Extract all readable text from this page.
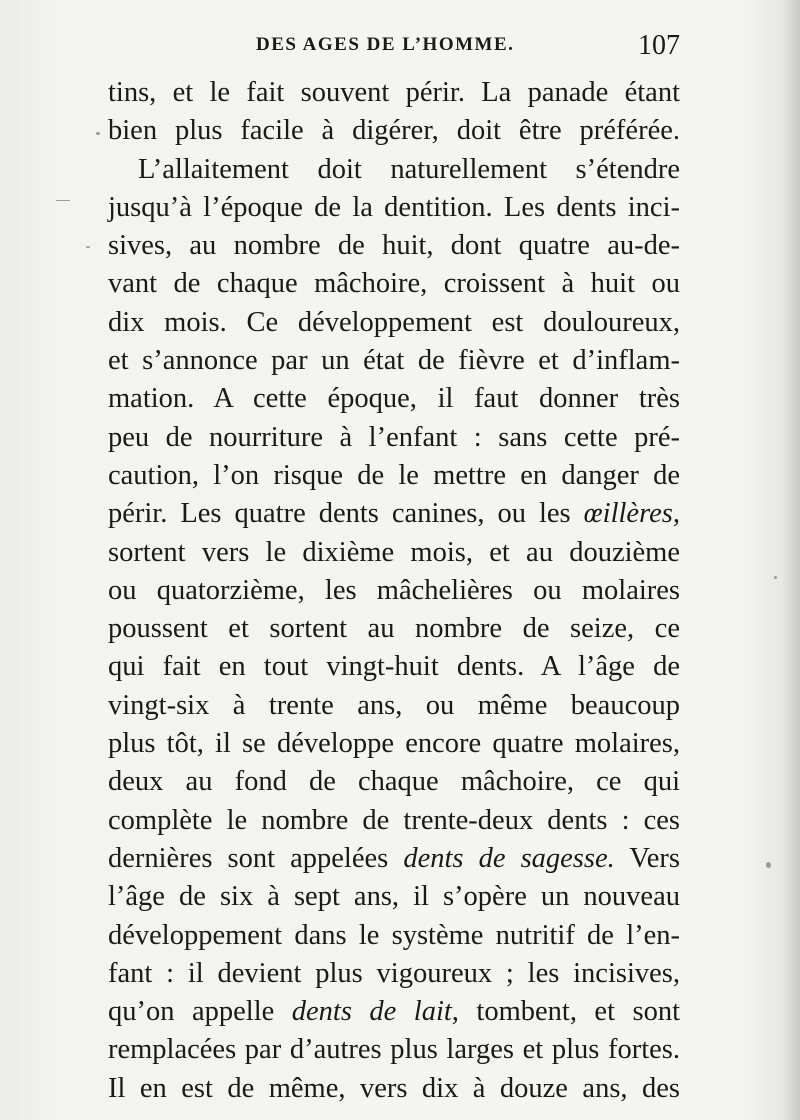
DES AGES DE L’HOMME.	107
tins, et le fait souvent périr. La panade étant
bien plus facile à digérer, doit être préférée.
L’allaitement doit naturellement s’étendre
jusqu’à l’époque de la dentition. Les dents inci-
sives, au nombre de huit, dont quatre au-de-
vant de chaque mâchoire, croissent à huit ou
dix mois. Ce développement est douloureux,
et s’annonce par un état de fièvre et d’inflam-
mation. A cette époque, il faut donner très
peu de nourriture à l’enfant : sans cette pré-
caution, l’on risque de le mettre en danger de
périr. Les quatre dents canines, ou les œillères,
sortent vers le dixième mois, et au douzième
ou quatorzième, les mâchelières ou molaires
poussent et sortent au nombre de seize, ce
qui fait en tout vingt-huit dents. A l’âge de
vingt-six à trente ans, ou même beaucoup
plus tôt, il se développe encore quatre molaires,
deux au fond de chaque mâchoire, ce qui
complète le nombre de trente-deux dents : ces
dernières sont appelées dents de sagesse. Vers
l’âge de six à sept ans, il s’opère un nouveau
développement dans le système nutritif de l’en-
fant : il devient plus vigoureux ; les incisives,
qu’on appelle dents de lait, tombent, et sont
remplacées par d’autres plus larges et plus fortes.
Il en est de même, vers dix à douze ans, des
